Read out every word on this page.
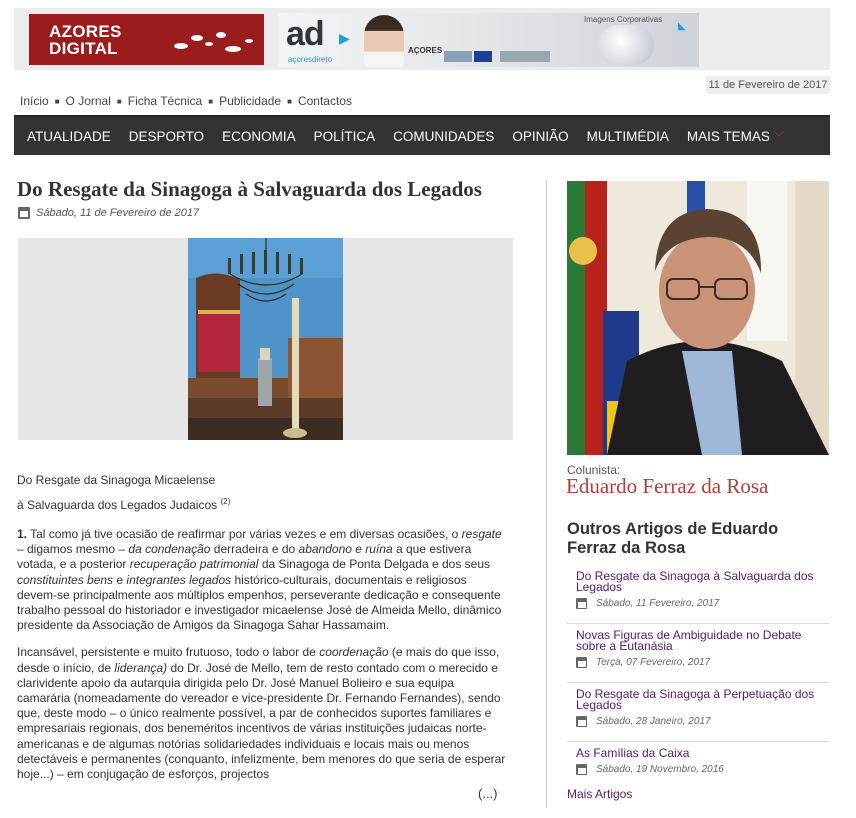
AZORES
DIGITAL	ad ▶
açoresdireto
AÇORES
Imagens Corporativas
◣
11 de Fevereiro de 2017
Início ■ O Jornal ■ Ficha Técnica ■ Publicidade ■ Contactos
ATUALIDADE	DESPORTO	ECONOMIA	POLÍTICA	COMUNIDADES	OPINIÃO	MULTIMÉDIA	MAIS TEMAS ﹀
Do Resgate da Sinagoga à Salvaguarda dos Legados
Sábado, 11 de Fevereiro de 2017
Do Resgate da Sinagoga Micaelense
à Salvaguarda dos Legados Judaicos $^{(2)}$

1. Tal como já tive ocasião de reafirmar por várias vezes e em diversas ocasiões, o resgate – digamos mesmo – da condenação derradeira e do abandono e ruína a que estivera votada, e a posterior recuperação patrimonial da Sinagoga de Ponta Delgada e dos seus constituintes bens e integrantes legados histórico-culturais, documentais e religiosos devem-se principalmente aos múltiplos empenhos, perseverante dedicação e consequente trabalho pessoal do historiador e investigador micaelense José de Almeida Mello, dinâmico presidente da Associação de Amigos da Sinagoga Sahar Hassamaim.

Incansável, persistente e muito frutuoso, todo o labor de coordenação (e mais do que isso, desde o início, de liderança) do Dr. José de Mello, tem de resto contado com o merecido e clarividente apoio da autarquia dirigida pelo Dr. José Manuel Bolieiro e sua equipa camarária (nomeadamente do vereador e vice-presidente Dr. Fernando Fernandes), sendo que, deste modo – o único realmente possível, a par de conhecidos suportes familiares e empresariais regionais, dos beneméritos incentivos de várias instituições judaicas norte-americanas e de algumas notórias solidariedades individuais e locais mais ou menos detectáveis e permanentes (conquanto, infelizmente, bem menores do que seria de esperar hoje...) – em conjugação de esforços, projectos

(...)
Colunista:
Eduardo Ferraz da Rosa
Outros Artigos de Eduardo Ferraz da Rosa
Do Resgate da Sinagoga à Salvaguarda dos Legados
Sábado, 11 Fevereiro, 2017
Novas Figuras de Ambiguidade no Debate sobre a Eutanásia
Terça, 07 Fevereiro, 2017
Do Resgate da Sinagoga à Perpetuação dos Legados
Sábado, 28 Janeiro, 2017
As Famílias da Caixa
Sábado, 19 Novembro, 2016
Mais Artigos
